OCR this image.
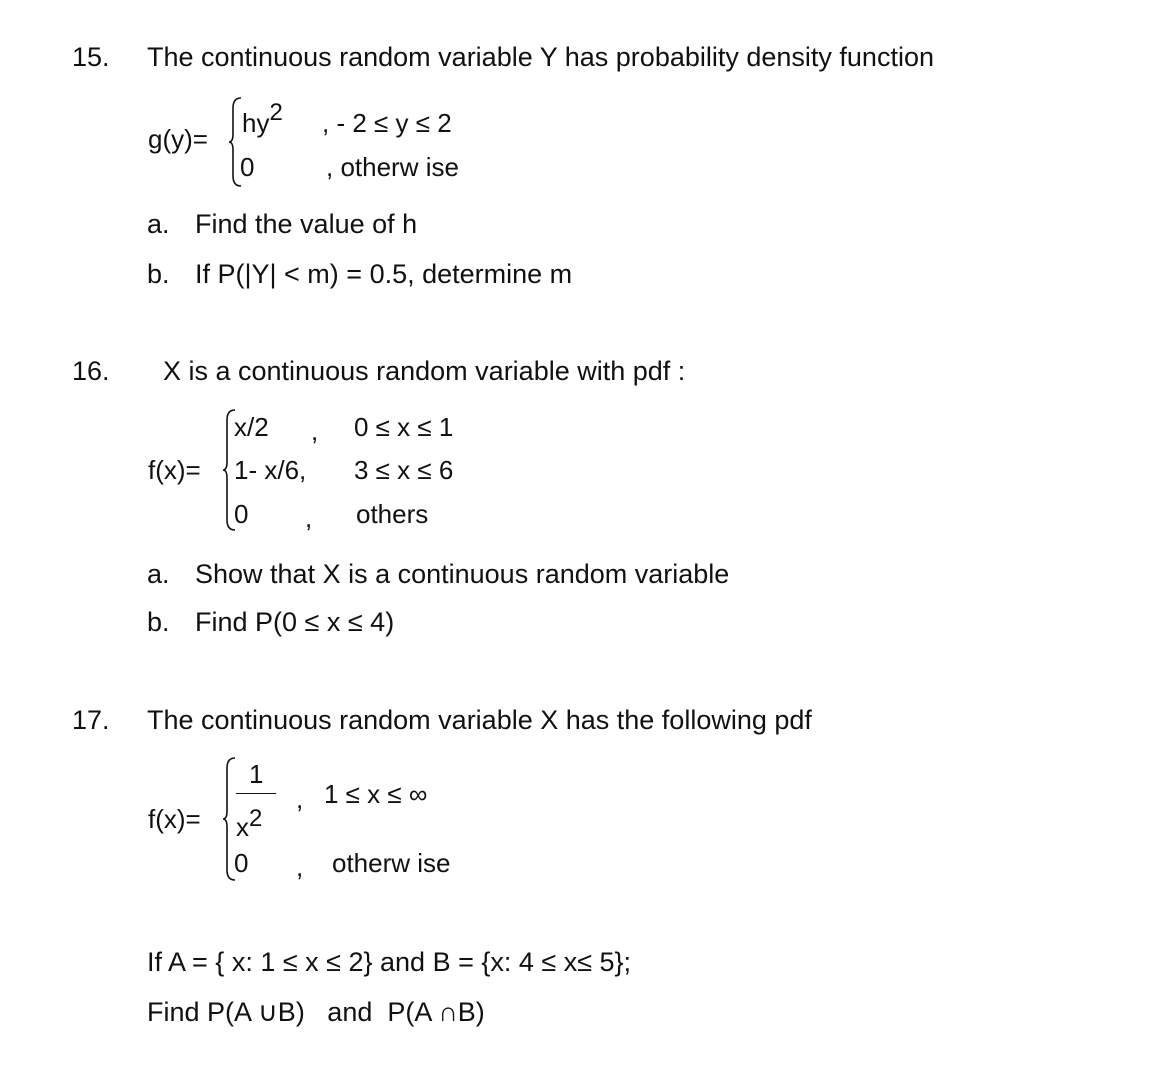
15. The continuous random variable Y has probability density function
g(y)=
hy2 , - 2 ≤ y ≤ 2
0	, otherw ise
a. Find the value of h
b. If P(|Y| < m) = 0.5, determine m
16. X is a continuous random variable with pdf :
f(x)=
x/2 , 0 ≤ x ≤ 1
1- x/6, 3 ≤ x ≤ 6
0 , others
a. Show that X is a continuous random variable
b. Find P(0 ≤ x ≤ 4)
17. The continuous random variable X has the following pdf
f(x)=
1
x2
, 1 ≤ x ≤ ∞
0 , otherw ise
If A = { x: 1 ≤ x ≤ 2} and B = {x: 4 ≤ x≤ 5};
Find P(A ∪B)   and  P(A ∩B)
